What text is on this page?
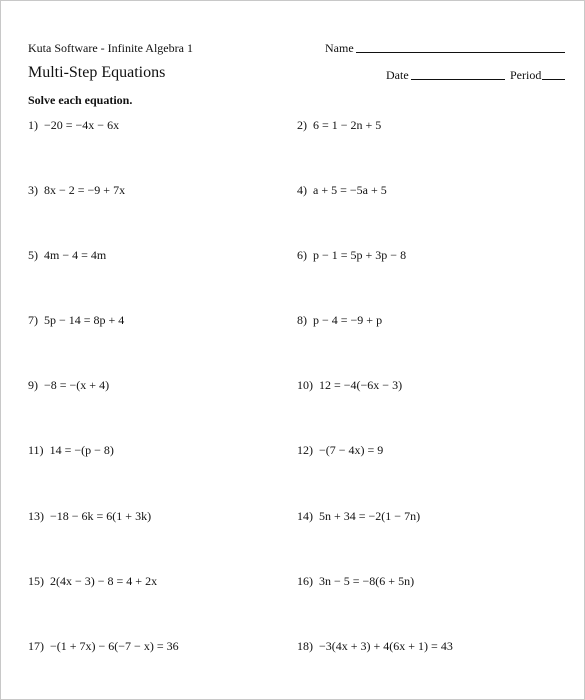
Kuta Software - Infinite Algebra 1	Name
Multi-Step Equations	Date	Period
Solve each equation.
1) −20 = −4x − 6x	2) 6 = 1 − 2n + 5
3) 8x − 2 = −9 + 7x	4) a + 5 = −5a + 5
5) 4m − 4 = 4m	6) p − 1 = 5p + 3p − 8
7) 5p − 14 = 8p + 4	8) p − 4 = −9 + p
9) −8 = −(x + 4)	10) 12 = −4(−6x − 3)
11) 14 = −(p − 8)	12) −(7 − 4x) = 9
13) −18 − 6k = 6(1 + 3k)	14) 5n + 34 = −2(1 − 7n)
15) 2(4x − 3) − 8 = 4 + 2x	16) 3n − 5 = −8(6 + 5n)
17) −(1 + 7x) − 6(−7 − x) = 36	18) −3(4x + 3) + 4(6x + 1) = 43
